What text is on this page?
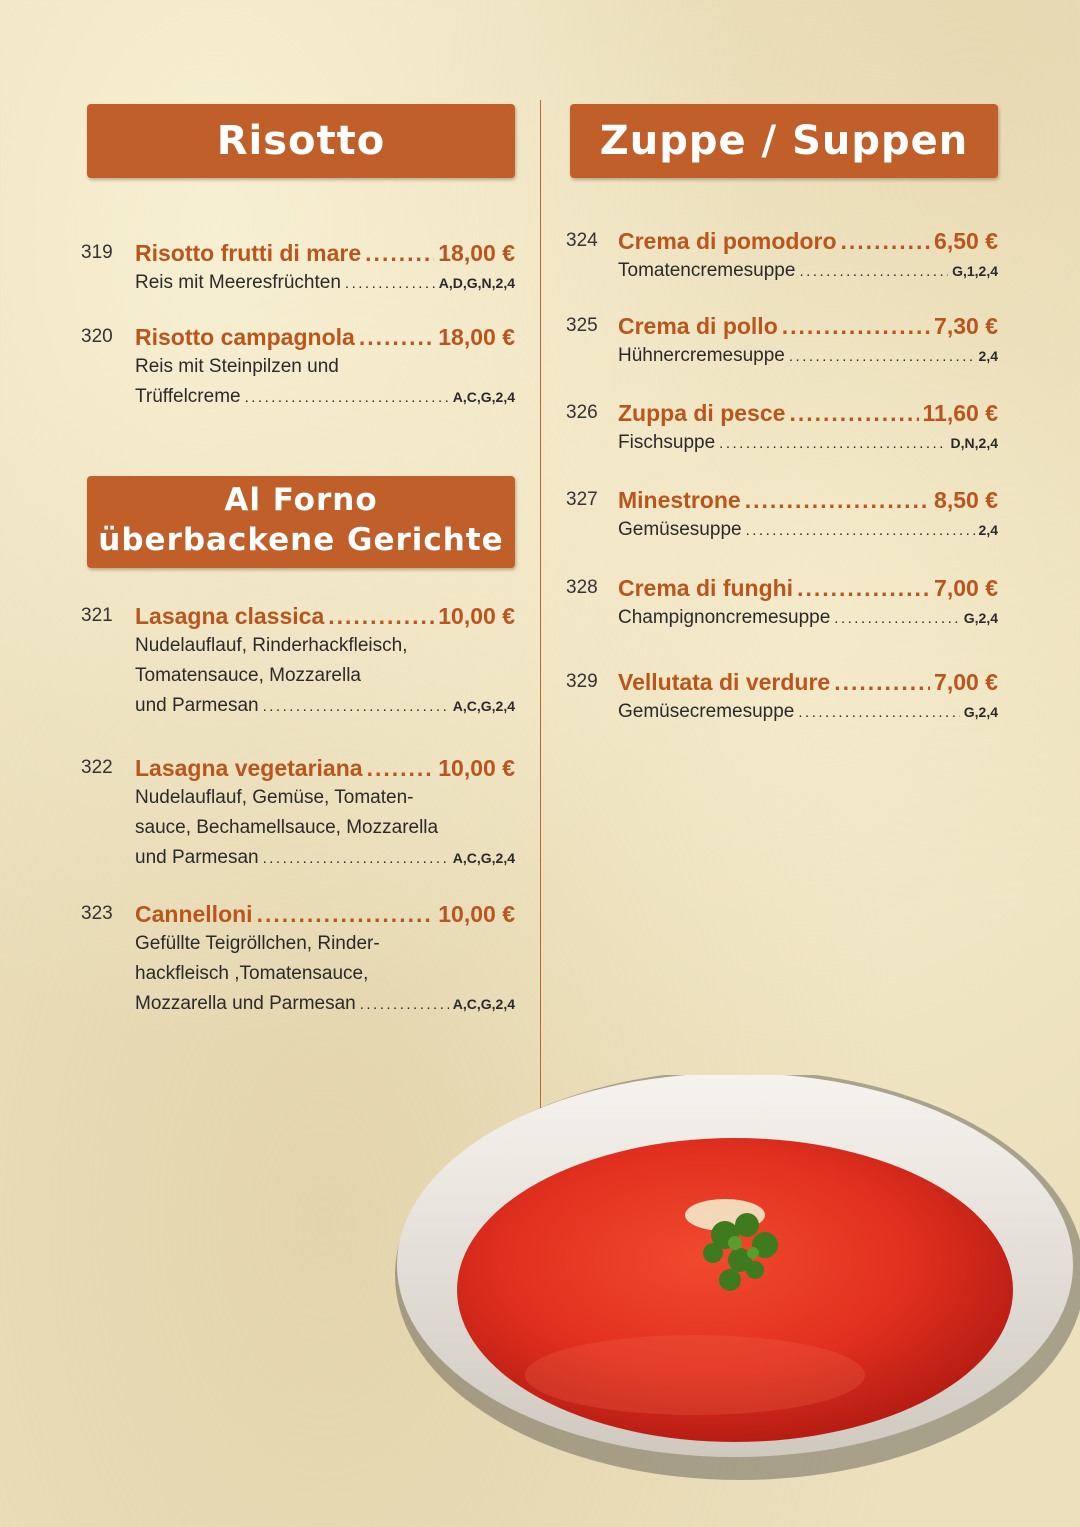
Risotto
319 Risotto frutti di mare .....	18,00 €
Reis mit Meeresfrüchten .....	A,D,G,N,2,4
320 Risotto campagnola .....	18,00 €
Reis mit Steinpilzen und
Trüffelcreme .....	A,C,G,2,4
Al Forno
überbackene Gerichte
321 Lasagna classica .....	10,00 €
Nudelauflauf, Rinderhackfleisch,
Tomatensauce, Mozzarella
und Parmesan .....	A,C,G,2,4
322 Lasagna vegetariana .....	10,00 €
Nudelauflauf, Gemüse, Tomaten-
sauce, Bechamellsauce, Mozzarella
und Parmesan .....	A,C,G,2,4
323 Cannelloni .....	10,00 €
Gefüllte Teigröllchen, Rinder-
hackfleisch ,Tomatensauce,
Mozzarella und Parmesan .....	A,C,G,2,4
Zuppe / Suppen
324 Crema di pomodoro .....	6,50 €
Tomatencremesuppe .....	G,1,2,4
325 Crema di pollo .....	7,30 €
Hühnercremesuppe .....	2,4
326 Zuppa di pesce .....	11,60 €
Fischsuppe .....	D,N,2,4
327 Minestrone .....	8,50 €
Gemüsesuppe .....	2,4
328 Crema di funghi .....	7,00 €
Champignoncremesuppe .....	G,2,4
329 Vellutata di verdure .....	7,00 €
Gemüsecremesuppe .....	G,2,4
